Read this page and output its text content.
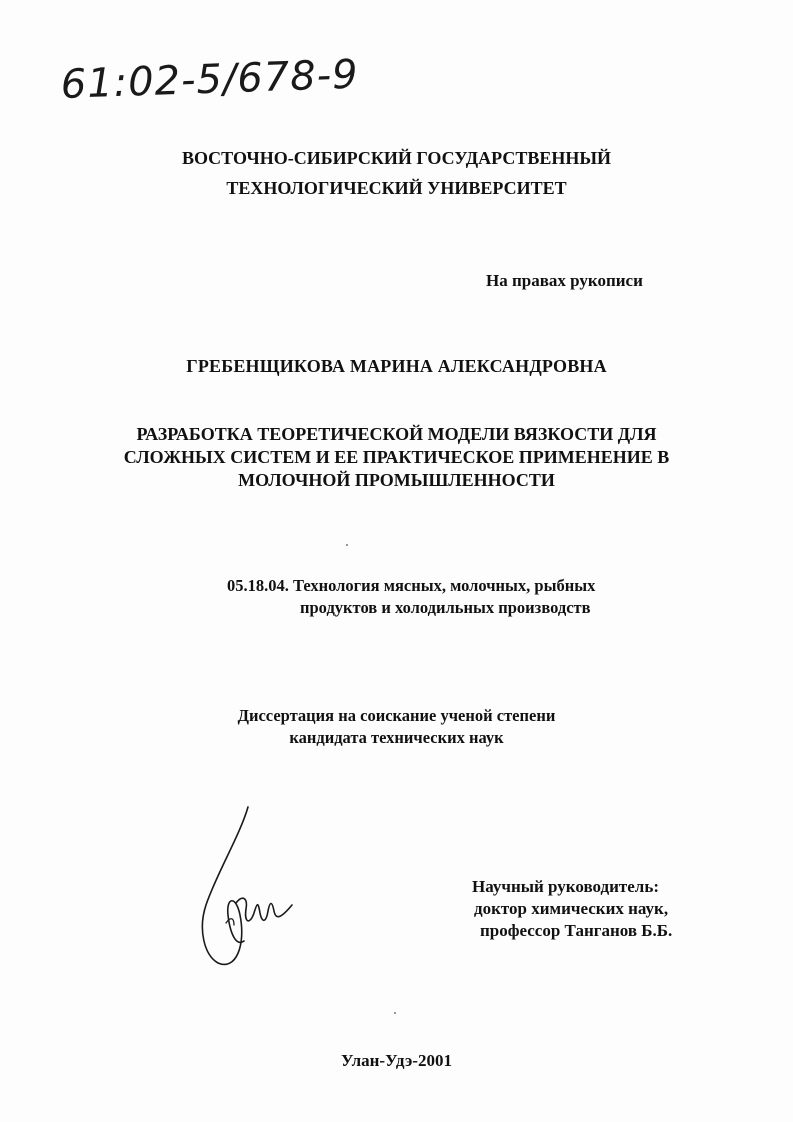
61:02-5/678-9
ВОСТОЧНО-СИБИРСКИЙ ГОСУДАРСТВЕННЫЙ
ТЕХНОЛОГИЧЕСКИЙ УНИВЕРСИТЕТ
На правах рукописи
ГРЕБЕНЩИКОВА МАРИНА АЛЕКСАНДРОВНА
РАЗРАБОТКА ТЕОРЕТИЧЕСКОЙ МОДЕЛИ ВЯЗКОСТИ ДЛЯ
СЛОЖНЫХ СИСТЕМ И ЕЕ ПРАКТИЧЕСКОЕ ПРИМЕНЕНИЕ В
МОЛОЧНОЙ ПРОМЫШЛЕННОСТИ
05.18.04. Технология мясных, молочных, рыбных
продуктов и холодильных производств
Диссертация на соискание ученой степени
кандидата технических наук
Научный руководитель:
доктор химических наук,
профессор Танганов Б.Б.
Улан-Удэ-2001
